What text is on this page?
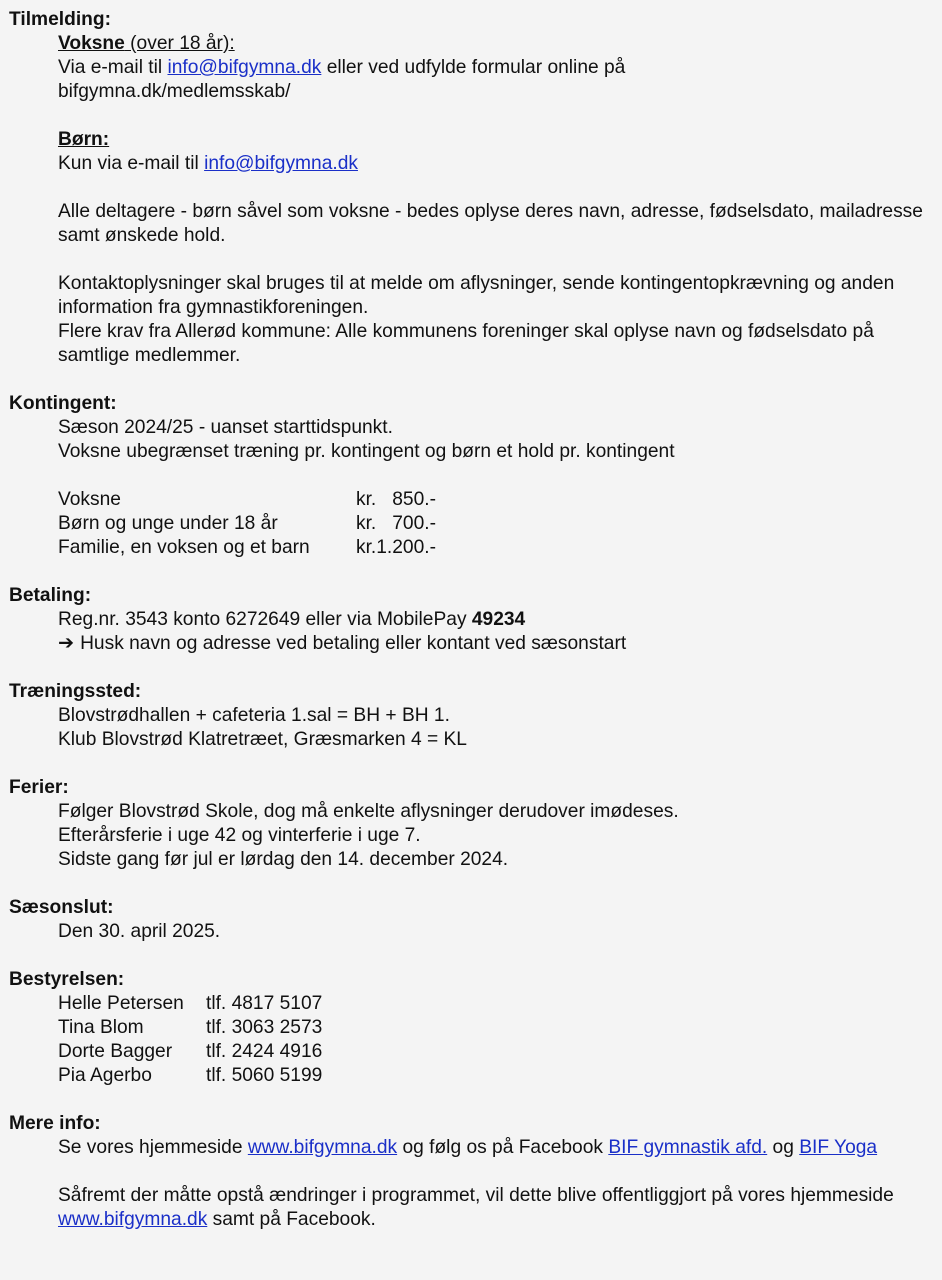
Tilmelding:
Voksne (over 18 år):
Via e-mail til info@bifgymna.dk eller ved udfylde formular online på
bifgymna.dk/medlemsskab/
Børn:
Kun via e-mail til info@bifgymna.dk
Alle deltagere - børn såvel som voksne - bedes oplyse deres navn, adresse, fødselsdato, mailadresse samt ønskede hold.
Kontaktoplysninger skal bruges til at melde om aflysninger, sende kontingentopkrævning og anden information fra gymnastikforeningen.
Flere krav fra Allerød kommune: Alle kommunens foreninger skal oplyse navn og fødselsdato på samtlige medlemmer.
Kontingent:
Sæson 2024/25 - uanset starttidspunkt.
Voksne ubegrænset træning pr. kontingent og børn et hold pr. kontingent
Voksne	kr.   850.-
Børn og unge under 18 år	kr.   700.-
Familie, en voksen og et barn	kr.1.200.-
Betaling:
Reg.nr. 3543 konto 6272649 eller via MobilePay 49234
➔ Husk navn og adresse ved betaling eller kontant ved sæsonstart
Træningssted:
Blovstrødhallen + cafeteria 1.sal = BH + BH 1.
Klub Blovstrød Klatretræet, Græsmarken 4 = KL
Ferier:
Følger Blovstrød Skole, dog må enkelte aflysninger derudover imødeses.
Efterårsferie i uge 42 og vinterferie i uge 7.
Sidste gang før jul er lørdag den 14. december 2024.
Sæsonslut:
Den 30. april 2025.
Bestyrelsen:
Helle Petersen	tlf. 4817 5107
Tina Blom	tlf. 3063 2573
Dorte Bagger	tlf. 2424 4916
Pia Agerbo	tlf. 5060 5199
Mere info:
Se vores hjemmeside www.bifgymna.dk og følg os på Facebook BIF gymnastik afd. og BIF Yoga
Såfremt der måtte opstå ændringer i programmet, vil dette blive offentliggjort på vores hjemmeside www.bifgymna.dk samt på Facebook.
